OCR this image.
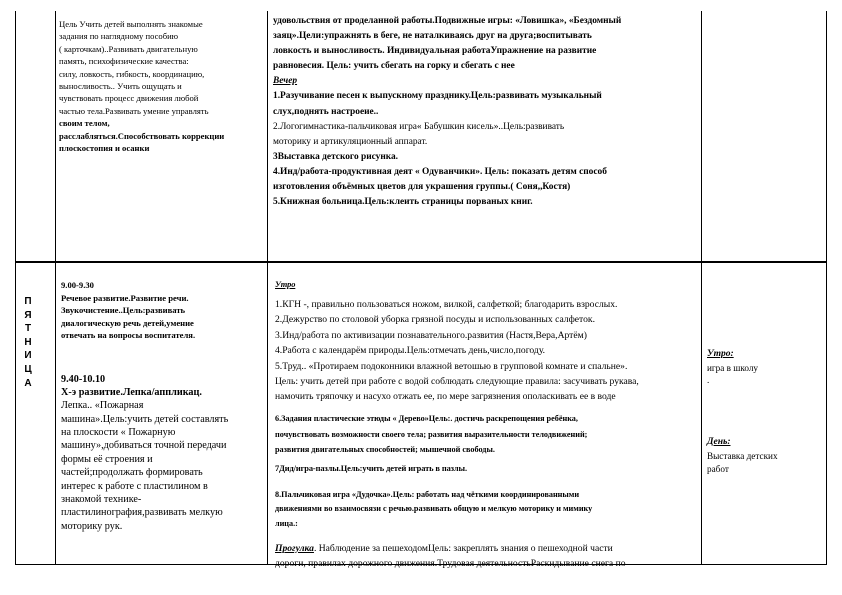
Цель Учить детей выполнять знакомые
задания по наглядному пособию
( карточкам)..Развивать двигательную
память, психофизические качества:
силу, ловкость, гибкость, координацию,
выносливость.. Учить ощущать и
чувствовать процесс движения любой
частью тела.Развивать умение управлять
своим телом,
расслабляться.Способствовать коррекции
плоскостопия и осанки
удовольствия от проделанной работы.Подвижные игры: «Ловишка», «Бездомный
заяц».Цели:упражнять в беге, не наталкиваясь друг на друга;воспитывать
ловкость и выносливость. Индивидуальная работаУпражнение на развитие
равновесия. Цель: учить сбегать на горку и сбегать с нее
Вечер
1.Разучивание песен к выпускному празднику.Цель:развивать музыкальный
слух,поднять настроеие..
2.Логогимнастика-пальчиковая игра« Бабушкин кисель»..Цель:развивать
моторику и артикуляционный аппарат.
3Выставка детского рисунка.
4.Инд/работа-продуктивная деят « Одуванчики». Цель: показать детям способ
изготовления объёмных цветов для украшения группы.( Соня,,Костя)
5.Книжная больница.Цель:клеить страницы порваных книг.
П
Я
Т
Н
И
Ц
А
9.00-9.30
Речевое развитие.Развитие речи.
Звукочистение..Цель:развивать
диалогическую речь детей,умение
отвечать на вопросы воспитателя.
9.40-10.10
Х-э развитие.Лепка/аппликац.
Лепка.. «Пожарная
машина».Цель:учить детей составлять
на плоскости « Пожарную
машину»,добиваться точной передачи
формы её строения и
частей;продолжать формировать
интерес к работе с пластилином в
знакомой технике-
пластилинография,развивать мелкую
моторику рук.
Утро
1.КГН -, правильно пользоваться ножом, вилкой, салфеткой; благодарить взрослых.
2.Дежурство по столовой уборка грязной посуды и использованных салфеток.
3.Инд/работа по активизации познавательного.развития (Настя,Вера,Артём)
4.Работа с календарём природы.Цель:отмечать день,число,погоду.
5.Труд.. «Протираем подоконники влажной ветошью в групповой комнате и спальне».
Цель: учить детей при работе с водой соблюдать следующие правила: засучивать рукава,
намочить тряпочку и насухо отжать ее, по мере загрязнения ополаскивать ее в воде
6.Задания пластические этюды « Дерево»Цель:. достичь раскрепощения ребёнка,
почувствовать возможности своего тела; развития выразительности телодвижений;
развития двигательных способностей; мышечной свободы.
7Дид/игра-пазлы.Цель:учить детей играть в пазлы.
8.Пальчиковая игра «Дудочка».Цель: работать над чёткими координированными
движениями во взаимосвязи с речью.развивать общую и мелкую моторику и мимику
лица.:
Прогулка. Наблюдение за пешеходомЦель: закреплять знания о пешеходной части
дороги, правилах дорожного движения.Трудовая деятельностьРаскидывание снега по
Утро:
игра в школу
.
День:
Выставка детских
работ
